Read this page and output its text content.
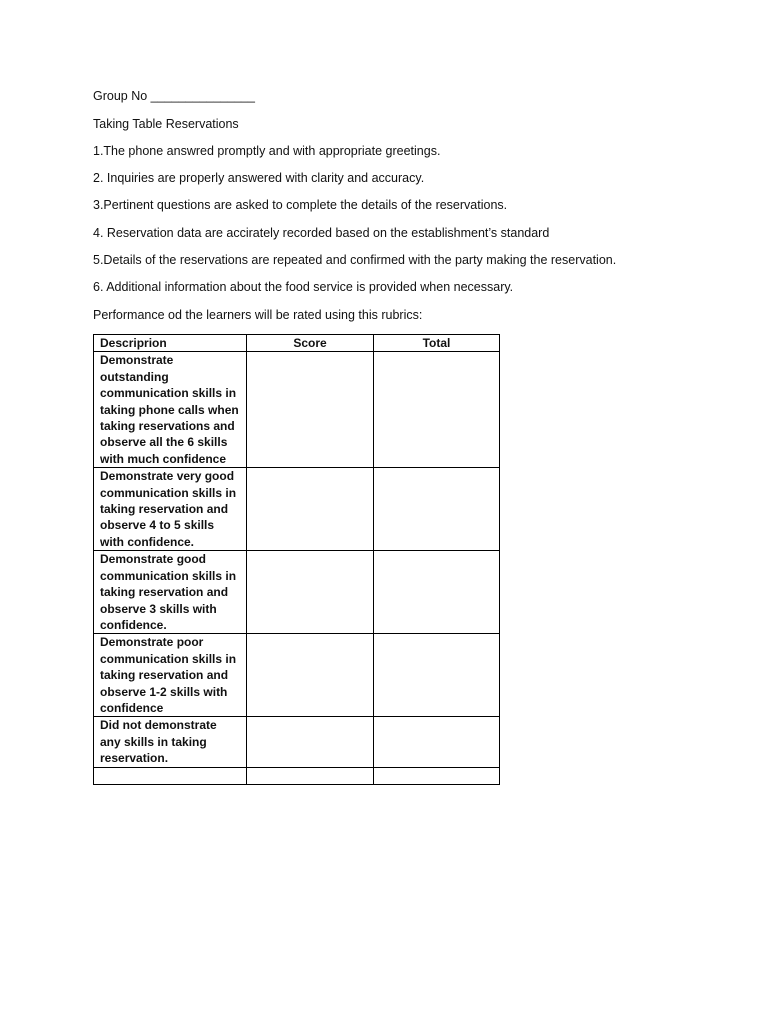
Group No _______________
Taking Table Reservations
1.The phone answred promptly and with appropriate greetings.
2. Inquiries are properly answered with clarity and accuracy.
3.Pertinent questions are asked to complete the details of the reservations.
4. Reservation data are accirately recorded based on the establishment’s standard
5.Details of the reservations are repeated and confirmed with the party making the reservation.
6. Additional information about the food service is provided when necessary.
Performance od the learners will be rated using this rubrics:
Descriprion	Score	Total
Demonstrate outstanding communication skills in taking phone calls when taking reservations and observe all the 6 skills with much confidence		
Demonstrate very good communication skills in taking reservation and observe 4 to 5 skills with confidence.		
Demonstrate good communication skills in taking reservation and observe 3 skills with confidence.		
Demonstrate poor communication skills in taking reservation and observe 1-2 skills with confidence		
Did not demonstrate any skills in taking reservation.		
